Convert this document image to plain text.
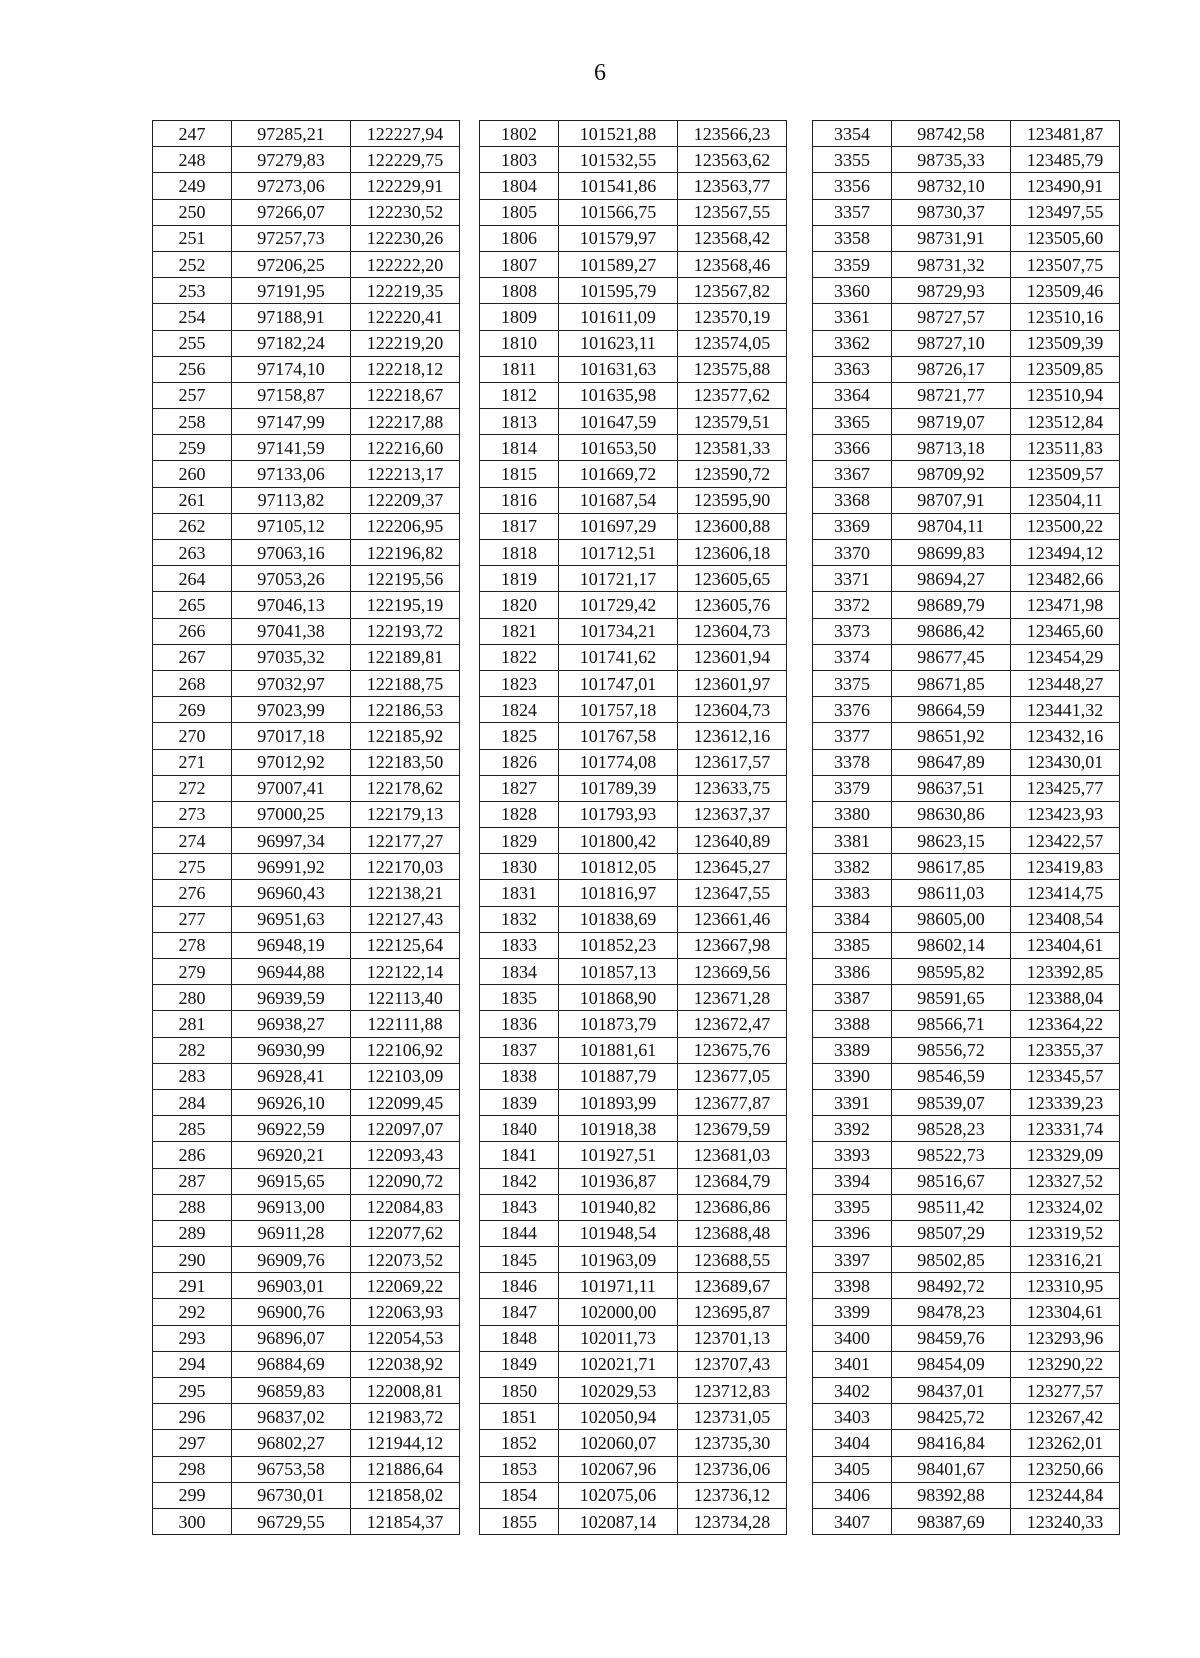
6
247	97285,21	122227,94
248	97279,83	122229,75
249	97273,06	122229,91
250	97266,07	122230,52
251	97257,73	122230,26
252	97206,25	122222,20
253	97191,95	122219,35
254	97188,91	122220,41
255	97182,24	122219,20
256	97174,10	122218,12
257	97158,87	122218,67
258	97147,99	122217,88
259	97141,59	122216,60
260	97133,06	122213,17
261	97113,82	122209,37
262	97105,12	122206,95
263	97063,16	122196,82
264	97053,26	122195,56
265	97046,13	122195,19
266	97041,38	122193,72
267	97035,32	122189,81
268	97032,97	122188,75
269	97023,99	122186,53
270	97017,18	122185,92
271	97012,92	122183,50
272	97007,41	122178,62
273	97000,25	122179,13
274	96997,34	122177,27
275	96991,92	122170,03
276	96960,43	122138,21
277	96951,63	122127,43
278	96948,19	122125,64
279	96944,88	122122,14
280	96939,59	122113,40
281	96938,27	122111,88
282	96930,99	122106,92
283	96928,41	122103,09
284	96926,10	122099,45
285	96922,59	122097,07
286	96920,21	122093,43
287	96915,65	122090,72
288	96913,00	122084,83
289	96911,28	122077,62
290	96909,76	122073,52
291	96903,01	122069,22
292	96900,76	122063,93
293	96896,07	122054,53
294	96884,69	122038,92
295	96859,83	122008,81
296	96837,02	121983,72
297	96802,27	121944,12
298	96753,58	121886,64
299	96730,01	121858,02
300	96729,55	121854,37
1802	101521,88	123566,23
1803	101532,55	123563,62
1804	101541,86	123563,77
1805	101566,75	123567,55
1806	101579,97	123568,42
1807	101589,27	123568,46
1808	101595,79	123567,82
1809	101611,09	123570,19
1810	101623,11	123574,05
1811	101631,63	123575,88
1812	101635,98	123577,62
1813	101647,59	123579,51
1814	101653,50	123581,33
1815	101669,72	123590,72
1816	101687,54	123595,90
1817	101697,29	123600,88
1818	101712,51	123606,18
1819	101721,17	123605,65
1820	101729,42	123605,76
1821	101734,21	123604,73
1822	101741,62	123601,94
1823	101747,01	123601,97
1824	101757,18	123604,73
1825	101767,58	123612,16
1826	101774,08	123617,57
1827	101789,39	123633,75
1828	101793,93	123637,37
1829	101800,42	123640,89
1830	101812,05	123645,27
1831	101816,97	123647,55
1832	101838,69	123661,46
1833	101852,23	123667,98
1834	101857,13	123669,56
1835	101868,90	123671,28
1836	101873,79	123672,47
1837	101881,61	123675,76
1838	101887,79	123677,05
1839	101893,99	123677,87
1840	101918,38	123679,59
1841	101927,51	123681,03
1842	101936,87	123684,79
1843	101940,82	123686,86
1844	101948,54	123688,48
1845	101963,09	123688,55
1846	101971,11	123689,67
1847	102000,00	123695,87
1848	102011,73	123701,13
1849	102021,71	123707,43
1850	102029,53	123712,83
1851	102050,94	123731,05
1852	102060,07	123735,30
1853	102067,96	123736,06
1854	102075,06	123736,12
1855	102087,14	123734,28
3354	98742,58	123481,87
3355	98735,33	123485,79
3356	98732,10	123490,91
3357	98730,37	123497,55
3358	98731,91	123505,60
3359	98731,32	123507,75
3360	98729,93	123509,46
3361	98727,57	123510,16
3362	98727,10	123509,39
3363	98726,17	123509,85
3364	98721,77	123510,94
3365	98719,07	123512,84
3366	98713,18	123511,83
3367	98709,92	123509,57
3368	98707,91	123504,11
3369	98704,11	123500,22
3370	98699,83	123494,12
3371	98694,27	123482,66
3372	98689,79	123471,98
3373	98686,42	123465,60
3374	98677,45	123454,29
3375	98671,85	123448,27
3376	98664,59	123441,32
3377	98651,92	123432,16
3378	98647,89	123430,01
3379	98637,51	123425,77
3380	98630,86	123423,93
3381	98623,15	123422,57
3382	98617,85	123419,83
3383	98611,03	123414,75
3384	98605,00	123408,54
3385	98602,14	123404,61
3386	98595,82	123392,85
3387	98591,65	123388,04
3388	98566,71	123364,22
3389	98556,72	123355,37
3390	98546,59	123345,57
3391	98539,07	123339,23
3392	98528,23	123331,74
3393	98522,73	123329,09
3394	98516,67	123327,52
3395	98511,42	123324,02
3396	98507,29	123319,52
3397	98502,85	123316,21
3398	98492,72	123310,95
3399	98478,23	123304,61
3400	98459,76	123293,96
3401	98454,09	123290,22
3402	98437,01	123277,57
3403	98425,72	123267,42
3404	98416,84	123262,01
3405	98401,67	123250,66
3406	98392,88	123244,84
3407	98387,69	123240,33
